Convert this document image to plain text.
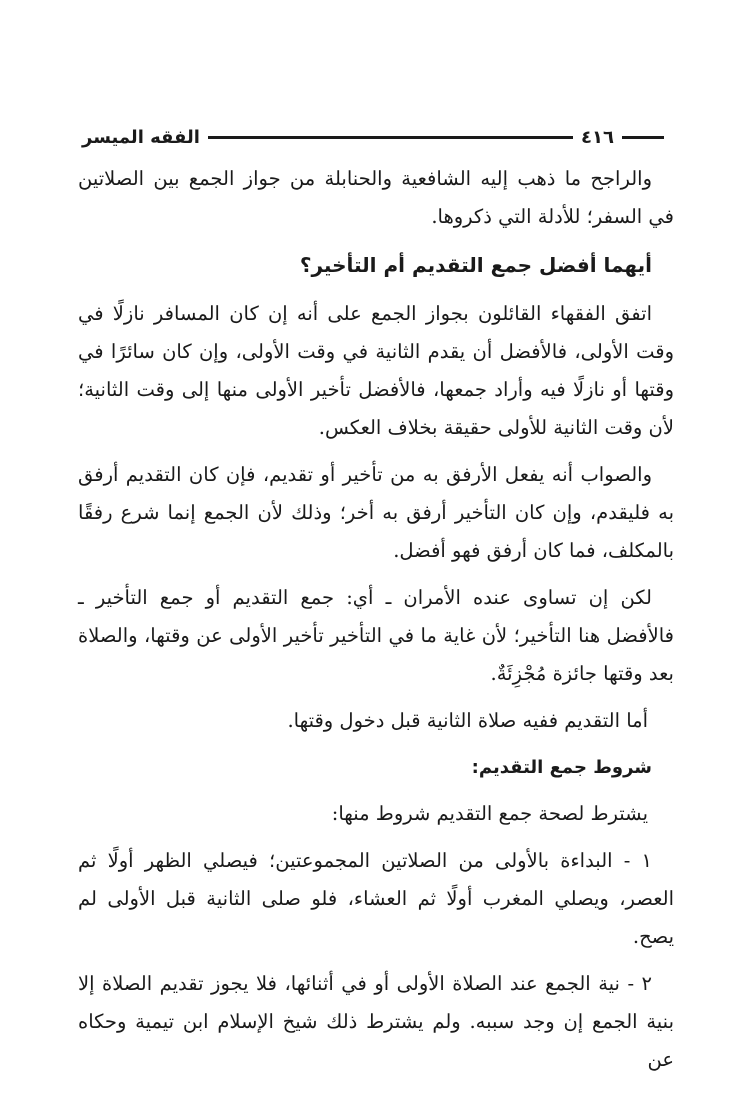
الفقه الميسر	٤١٦

والراجح ما ذهب إليه الشافعية والحنابلة من جواز الجمع بين الصلاتين في السفر؛ للأدلة التي ذكروها.

أيهما أفضل جمع التقديم أم التأخير؟

اتفق الفقهاء القائلون بجواز الجمع على أنه إن كان المسافر نازلًا في وقت الأولى، فالأفضل أن يقدم الثانية في وقت الأولى، وإن كان سائرًا في وقتها أو نازلًا فيه وأراد جمعها، فالأفضل تأخير الأولى منها إلى وقت الثانية؛ لأن وقت الثانية للأولى حقيقة بخلاف العكس.

والصواب أنه يفعل الأرفق به من تأخير أو تقديم، فإن كان التقديم أرفق به فليقدم، وإن كان التأخير أرفق به أخر؛ وذلك لأن الجمع إنما شرع رفقًا بالمكلف، فما كان أرفق فهو أفضل.

لكن إن تساوى عنده الأمران ـ أي: جمع التقديم أو جمع التأخير ـ فالأفضل هنا التأخير؛ لأن غاية ما في التأخير تأخير الأولى عن وقتها، والصلاة بعد وقتها جائزة مُجْزِئَةٌ.

أما التقديم ففيه صلاة الثانية قبل دخول وقتها.

شروط جمع التقديم:

يشترط لصحة جمع التقديم شروط منها:

١ - البداءة بالأولى من الصلاتين المجموعتين؛ فيصلي الظهر أولًا ثم العصر، ويصلي المغرب أولًا ثم العشاء، فلو صلى الثانية قبل الأولى لم يصح.

٢ - نية الجمع عند الصلاة الأولى أو في أثنائها، فلا يجوز تقديم الصلاة إلا بنية الجمع إن وجد سببه. ولم يشترط ذلك شيخ الإسلام ابن تيمية وحكاه عن
